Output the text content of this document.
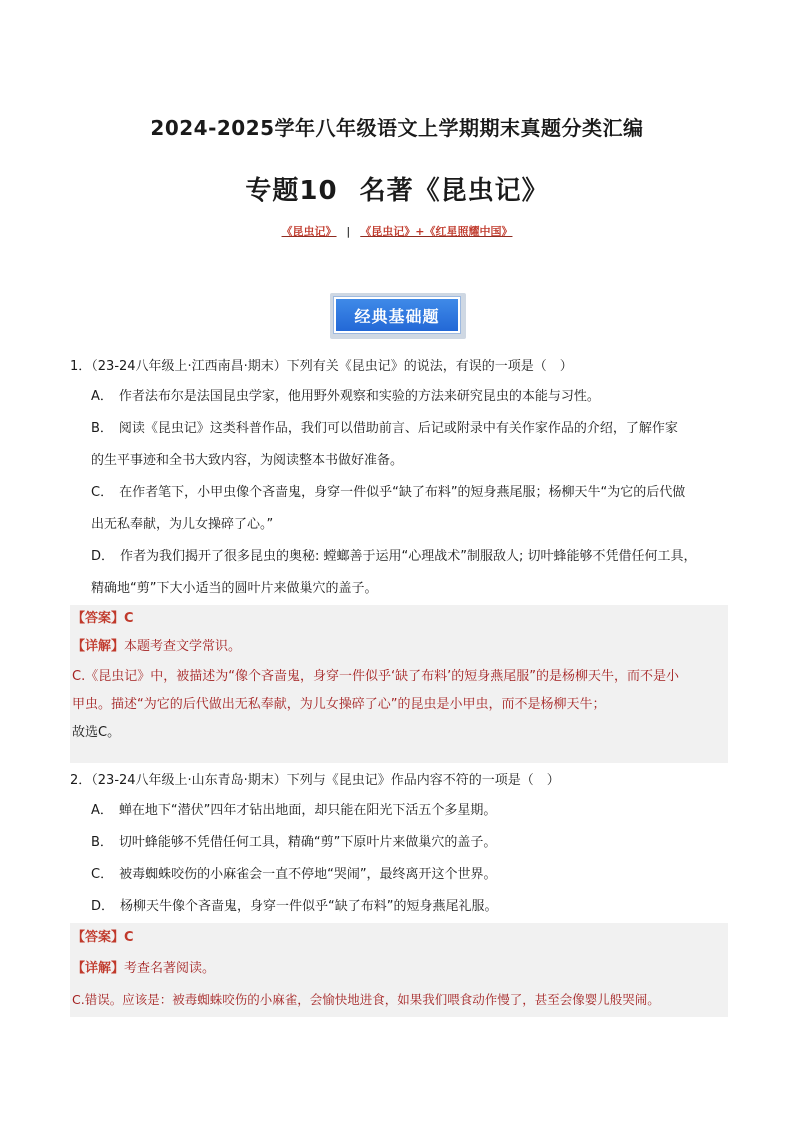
2024-2025学年八年级语文上学期期末真题分类汇编
专题10 名著《昆虫记》
《昆虫记》 | 《昆虫记》+《红星照耀中国》
经典基础题
1．（23-24八年级上·江西南昌·期末）下列有关《昆虫记》的说法，有误的一项是（　）
A． 作者法布尔是法国昆虫学家，他用野外观察和实验的方法来研究昆虫的本能与习性。
B． 阅读《昆虫记》这类科普作品，我们可以借助前言、后记或附录中有关作家作品的介绍，了解作家
的生平事迹和全书大致内容，为阅读整本书做好准备。
C． 在作者笔下，小甲虫像个吝啬鬼，身穿一件似乎“缺了布料”的短身燕尾服；杨柳天牛“为它的后代做
出无私奉献，为儿女操碎了心。”
D． 作者为我们揭开了很多昆虫的奥秘: 螳螂善于运用“心理战术”制服敌人; 切叶蜂能够不凭借任何工具，
精确地“剪”下大小适当的圆叶片来做巢穴的盖子。
【答案】C
【详解】本题考查文学常识。
C.《昆虫记》中，被描述为“像个吝啬鬼，身穿一件似乎‘缺了布料’的短身燕尾服”的是杨柳天牛，而不是小
甲虫。描述“为它的后代做出无私奉献，为儿女操碎了心”的昆虫是小甲虫，而不是杨柳天牛；
故选C。
2．（23-24八年级上·山东青岛·期末）下列与《昆虫记》作品内容不符的一项是（　）
A． 蝉在地下“潜伏”四年才钻出地面，却只能在阳光下活五个多星期。
B． 切叶蜂能够不凭借任何工具，精确“剪”下原叶片来做巢穴的盖子。
C． 被毒蜘蛛咬伤的小麻雀会一直不停地“哭闹”，最终离开这个世界。
D． 杨柳天牛像个吝啬鬼，身穿一件似乎“缺了布料”的短身燕尾礼服。
【答案】C
【详解】考查名著阅读。
C.错误。应该是：被毒蜘蛛咬伤的小麻雀，会愉快地进食，如果我们喂食动作慢了，甚至会像婴儿般哭闹。
